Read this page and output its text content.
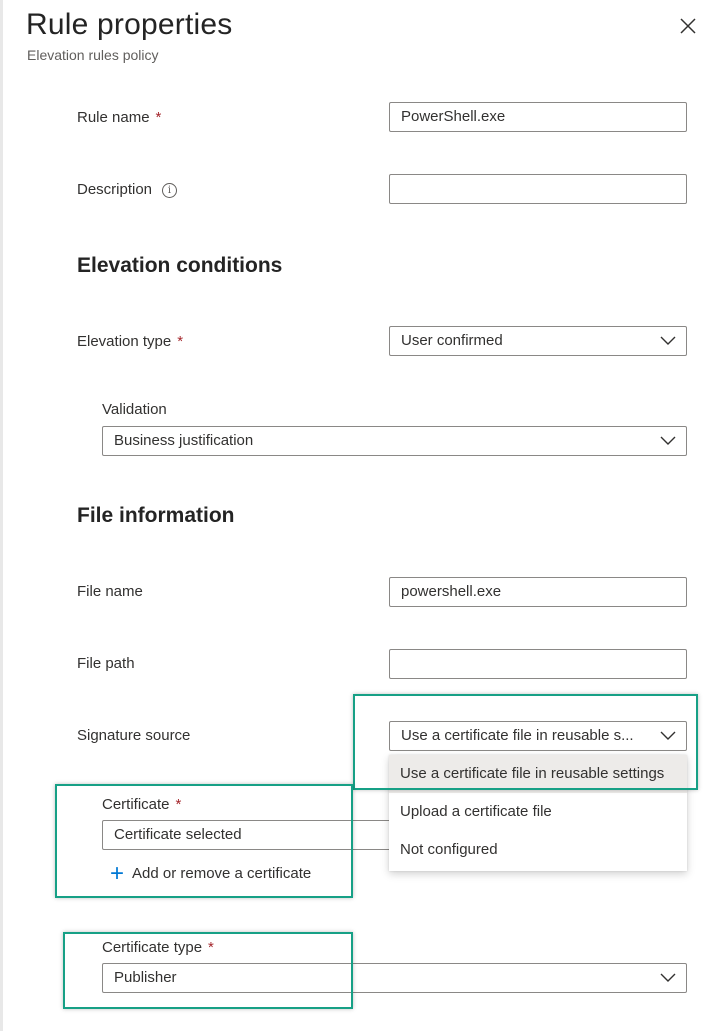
Rule properties
Elevation rules policy
Rule name *	PowerShell.exe
Description i
Elevation conditions
Elevation type *	User confirmed
Validation
Business justification
File information
File name	powershell.exe
File path
Signature source	Use a certificate file in reusable s...
Certificate *
Certificate selected
+ Add or remove a certificate
Certificate type *
Publisher
Use a certificate file in reusable settings
Upload a certificate file
Not configured
